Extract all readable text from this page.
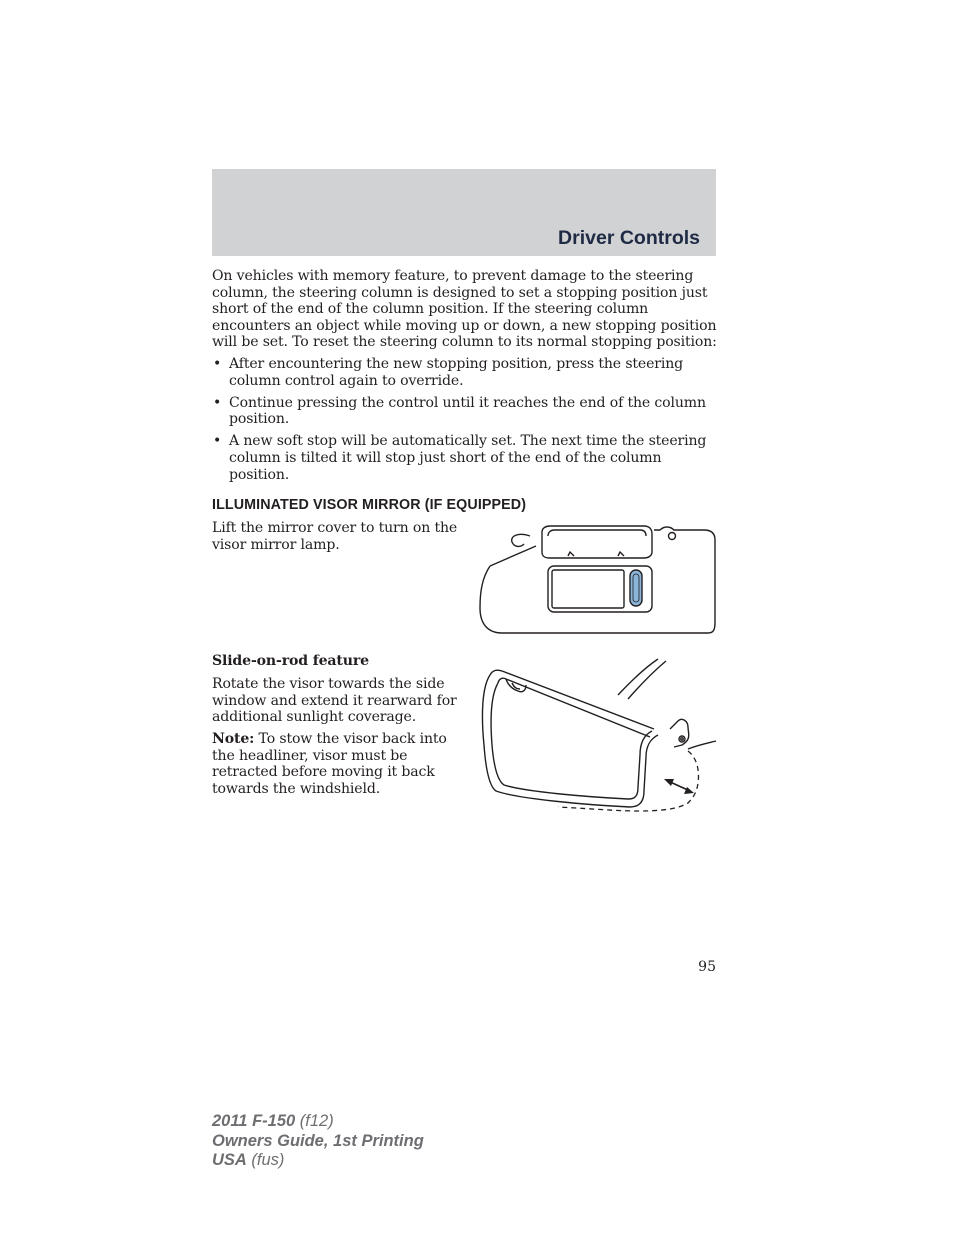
Driver Controls

On vehicles with memory feature, to prevent damage to the steering column, the steering column is designed to set a stopping position just short of the end of the column position. If the steering column encounters an object while moving up or down, a new stopping position will be set. To reset the steering column to its normal stopping position:

• After encountering the new stopping position, press the steering column control again to override.
• Continue pressing the control until it reaches the end of the column position.
• A new soft stop will be automatically set. The next time the steering column is tilted it will stop just short of the end of the column position.
ILLUMINATED VISOR MIRROR (IF EQUIPPED)

Lift the mirror cover to turn on the visor mirror lamp.

Slide-on-rod feature

Rotate the visor towards the side window and extend it rearward for additional sunlight coverage.

Note: To stow the visor back into the headliner, visor must be retracted before moving it back towards the windshield.

95
2011 F-150 (f12)
Owners Guide, 1st Printing
USA (fus)
